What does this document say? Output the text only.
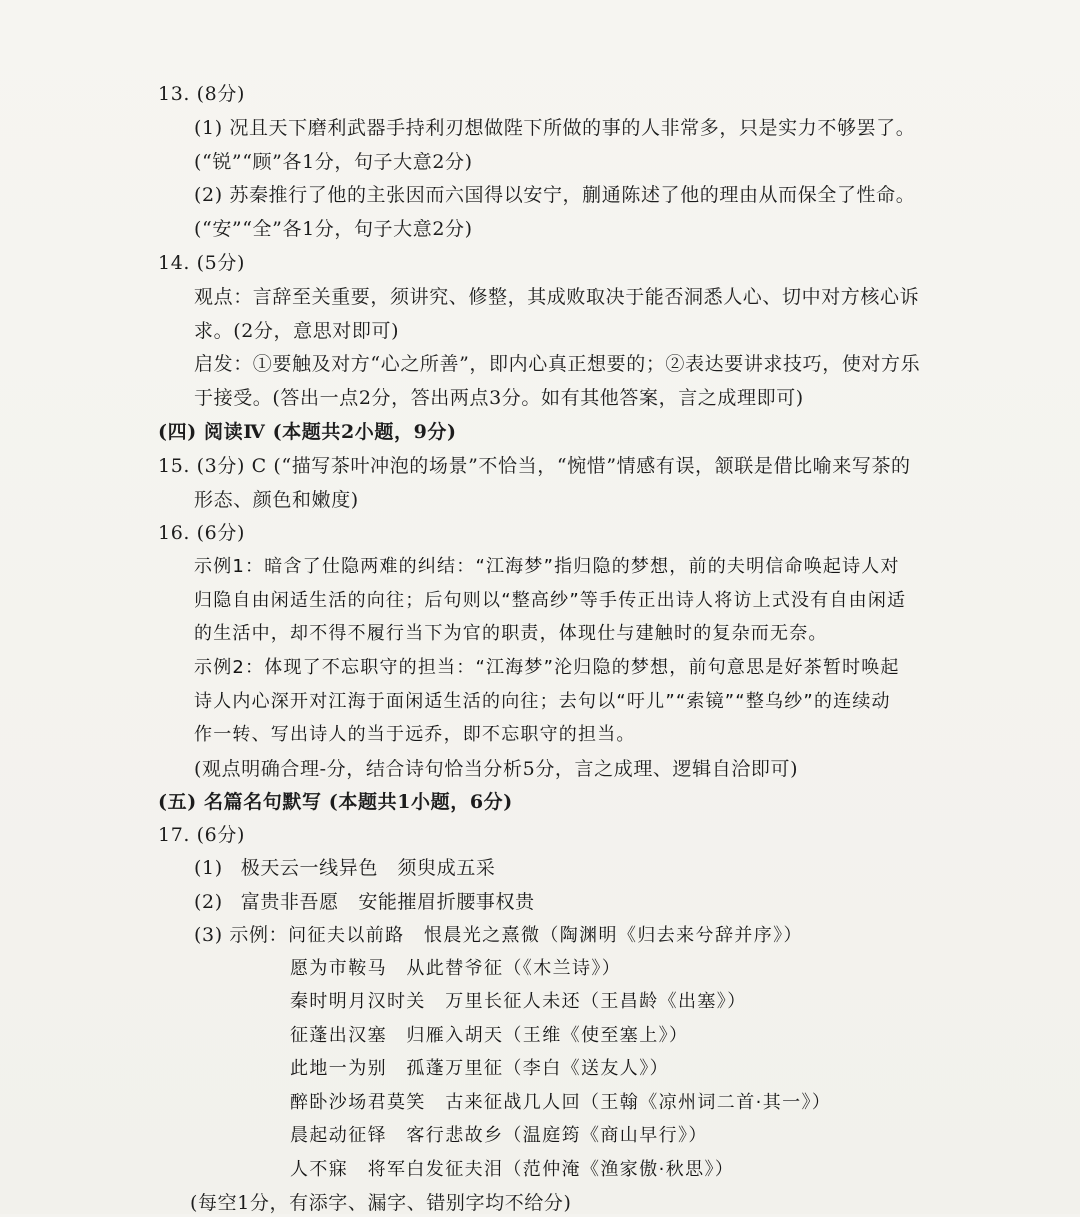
13. (8分)
(1) 况且天下磨利武器手持利刃想做陛下所做的事的人非常多，只是实力不够罢了。
(“锐”“顾”各1分，句子大意2分)
(2) 苏秦推行了他的主张因而六国得以安宁，蒯通陈述了他的理由从而保全了性命。
(“安”“全”各1分，句子大意2分)
14. (5分)
观点：言辞至关重要，须讲究、修整，其成败取决于能否洞悉人心、切中对方核心诉
求。(2分，意思对即可)
启发：①要触及对方“心之所善”，即内心真正想要的；②表达要讲求技巧，使对方乐
于接受。(答出一点2分，答出两点3分。如有其他答案，言之成理即可)
(四) 阅读Ⅳ (本题共2小题，9分)
15. (3分) C (“描写茶叶冲泡的场景”不恰当，“惋惜”情感有误，颔联是借比喻来写茶的
形态、颜色和嫩度)
16. (6分)
示例1：暗含了仕隐两难的纠结：“江海梦”指归隐的梦想，前的夫明信命唤起诗人对
归隐自由闲适生活的向往；后句则以“整高纱”等手传正出诗人将访上式没有自由闲适
的生活中，却不得不履行当下为官的职责，体现仕与建触时的复杂而无奈。
示例2：体现了不忘职守的担当：“江海梦”沦归隐的梦想，前句意思是好茶暂时唤起
诗人内心深开对江海于面闲适生活的向往；去句以“吁儿”“索镜”“整乌纱”的连续动
作一转、写出诗人的当于远乔，即不忘职守的担当。
(观点明确合理-分，结合诗句恰当分析5分，言之成理、逻辑自洽即可)
(五) 名篇名句默写 (本题共1小题，6分)
17. (6分)
(1) 极天云一线异色　须臾成五采
(2) 富贵非吾愿　安能摧眉折腰事权贵
(3) 示例：问征夫以前路　恨晨光之熹微（陶渊明《归去来兮辞并序》）
愿为市鞍马　从此替爷征（《木兰诗》）
秦时明月汉时关　万里长征人未还（王昌龄《出塞》）
征蓬出汉塞　归雁入胡天（王维《使至塞上》）
此地一为别　孤蓬万里征（李白《送友人》）
醉卧沙场君莫笑　古来征战几人回（王翰《凉州词二首·其一》）
晨起动征铎　客行悲故乡（温庭筠《商山早行》）
人不寐　将军白发征夫泪（范仲淹《渔家傲·秋思》）
(每空1分，有添字、漏字、错别字均不给分)
